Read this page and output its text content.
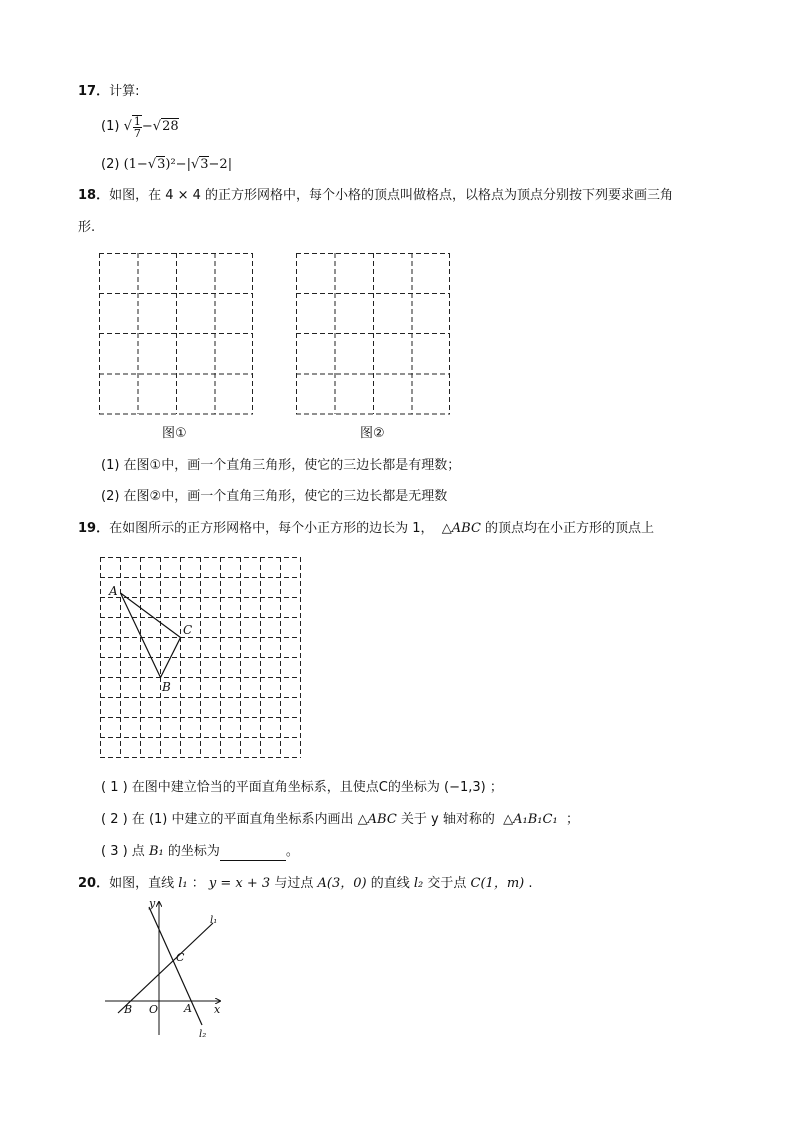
17．计算:
(1) √ $\frac{1}{7} -√28$
(2) (1−√3)²−|√3−2|
18．如图，在 4 × 4 的正方形网格中，每个小格的顶点叫做格点，以格点为顶点分别按下列要求画三角
形.
图①	图②
(1) 在图①中，画一个直角三角形，使它的三边长都是有理数；
(2) 在图②中，画一个直角三角形，使它的三边长都是无理数
19．在如图所示的正方形网格中，每个小正方形的边长为 1， △ABC 的顶点均在小正方形的顶点上
A
C
B
( 1 ) 在图中建立恰当的平面直角坐标系，且使点C的坐标为 (−1,3) ；
( 2 ) 在 (1) 中建立的平面直角坐标系内画出 △ABC 关于 y 轴对称的 △A₁B₁C₁ ；
( 3 ) 点 B₁ 的坐标为	。
20．如图，直线 l₁ ： y = x + 3 与过点 A(3，0) 的直线 l₂ 交于点 C(1，m) .
y
x
O A
B
C
l₁
l₂
